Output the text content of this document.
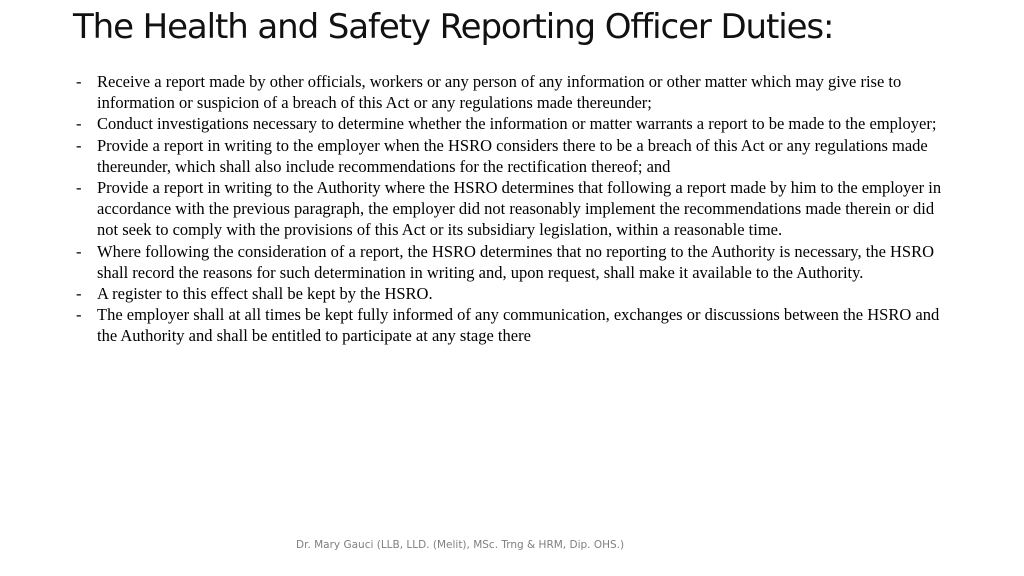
The Health and Safety Reporting Officer Duties:
- Receive a report made by other officials, workers or any person of any information or other matter which may give rise to information or suspicion of a breach of this Act or any regulations made thereunder;
- Conduct investigations necessary to determine whether the information or matter warrants a report to be made to the employer;
- Provide a report in writing to the employer when the HSRO considers there to be a breach of this Act or any regulations made thereunder, which shall also include recommendations for the rectification thereof; and
- Provide a report in writing to the Authority where the HSRO determines that following a report made by him to the employer in accordance with the previous paragraph, the employer did not reasonably implement the recommendations made therein or did not seek to comply with the provisions of this Act or its subsidiary legislation, within a reasonable time.
- Where following the consideration of a report, the HSRO determines that no reporting to the Authority is necessary, the HSRO shall record the reasons for such determination in writing and, upon request, shall make it available to the Authority.
- A register to this effect shall be kept by the HSRO.
- The employer shall at all times be kept fully informed of any communication, exchanges or discussions between the HSRO and the Authority and shall be entitled to participate at any stage there
Dr. Mary Gauci (LLB, LLD. (Melit), MSc. Trng & HRM, Dip. OHS.)
